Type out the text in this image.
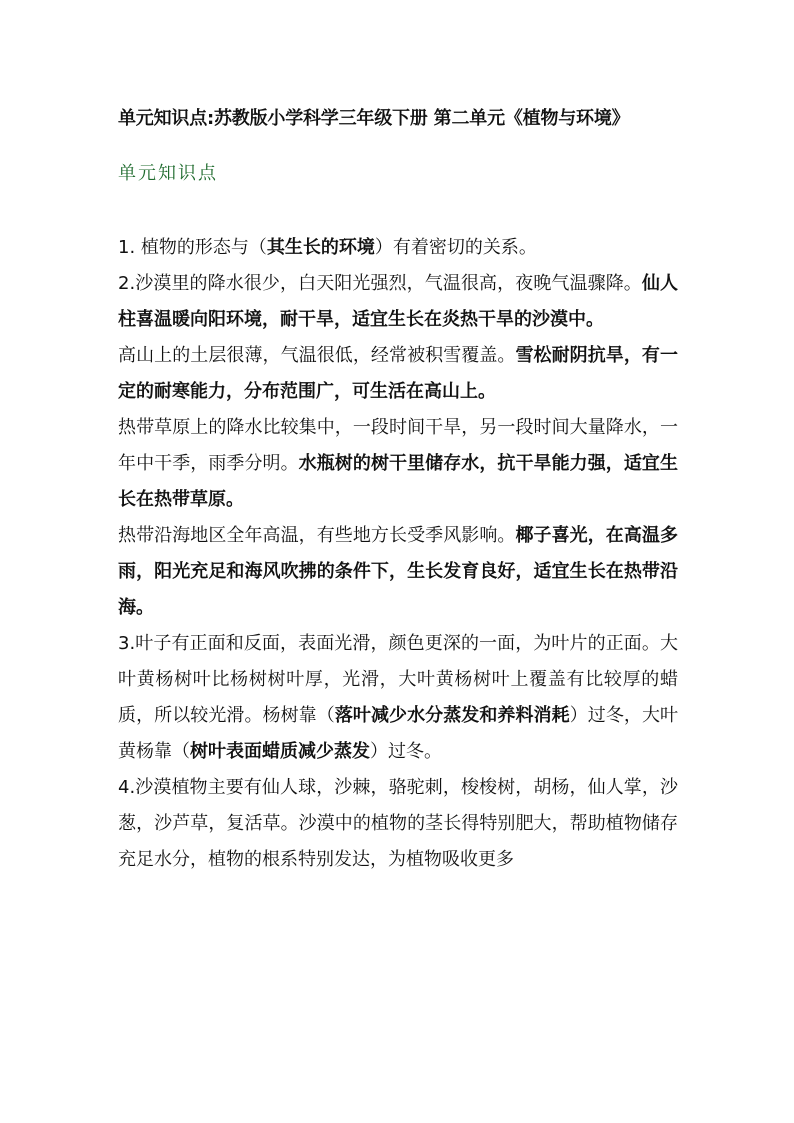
单元知识点:苏教版小学科学三年级下册 第二单元《植物与环境》
单元知识点

1. 植物的形态与（其生长的环境）有着密切的关系。

2.沙漠里的降水很少，白天阳光强烈，气温很高，夜晚气温骤降。仙人柱喜温暖向阳环境，耐干旱，适宜生长在炎热干旱的沙漠中。

高山上的土层很薄，气温很低，经常被积雪覆盖。雪松耐阴抗旱，有一定的耐寒能力，分布范围广，可生活在高山上。

热带草原上的降水比较集中，一段时间干旱，另一段时间大量降水，一年中干季，雨季分明。水瓶树的树干里储存水，抗干旱能力强，适宜生长在热带草原。

热带沿海地区全年高温，有些地方长受季风影响。椰子喜光，在高温多雨，阳光充足和海风吹拂的条件下，生长发育良好，适宜生长在热带沿海。

3.叶子有正面和反面，表面光滑，颜色更深的一面，为叶片的正面。大叶黄杨树叶比杨树树叶厚，光滑，大叶黄杨树叶上覆盖有比较厚的蜡质，所以较光滑。杨树靠（落叶减少水分蒸发和养料消耗）过冬，大叶黄杨靠（树叶表面蜡质减少蒸发）过冬。

4.沙漠植物主要有仙人球，沙棘，骆驼刺，梭梭树，胡杨，仙人掌，沙葱，沙芦草，复活草。沙漠中的植物的茎长得特别肥大，帮助植物储存充足水分，植物的根系特别发达，为植物吸收更多
